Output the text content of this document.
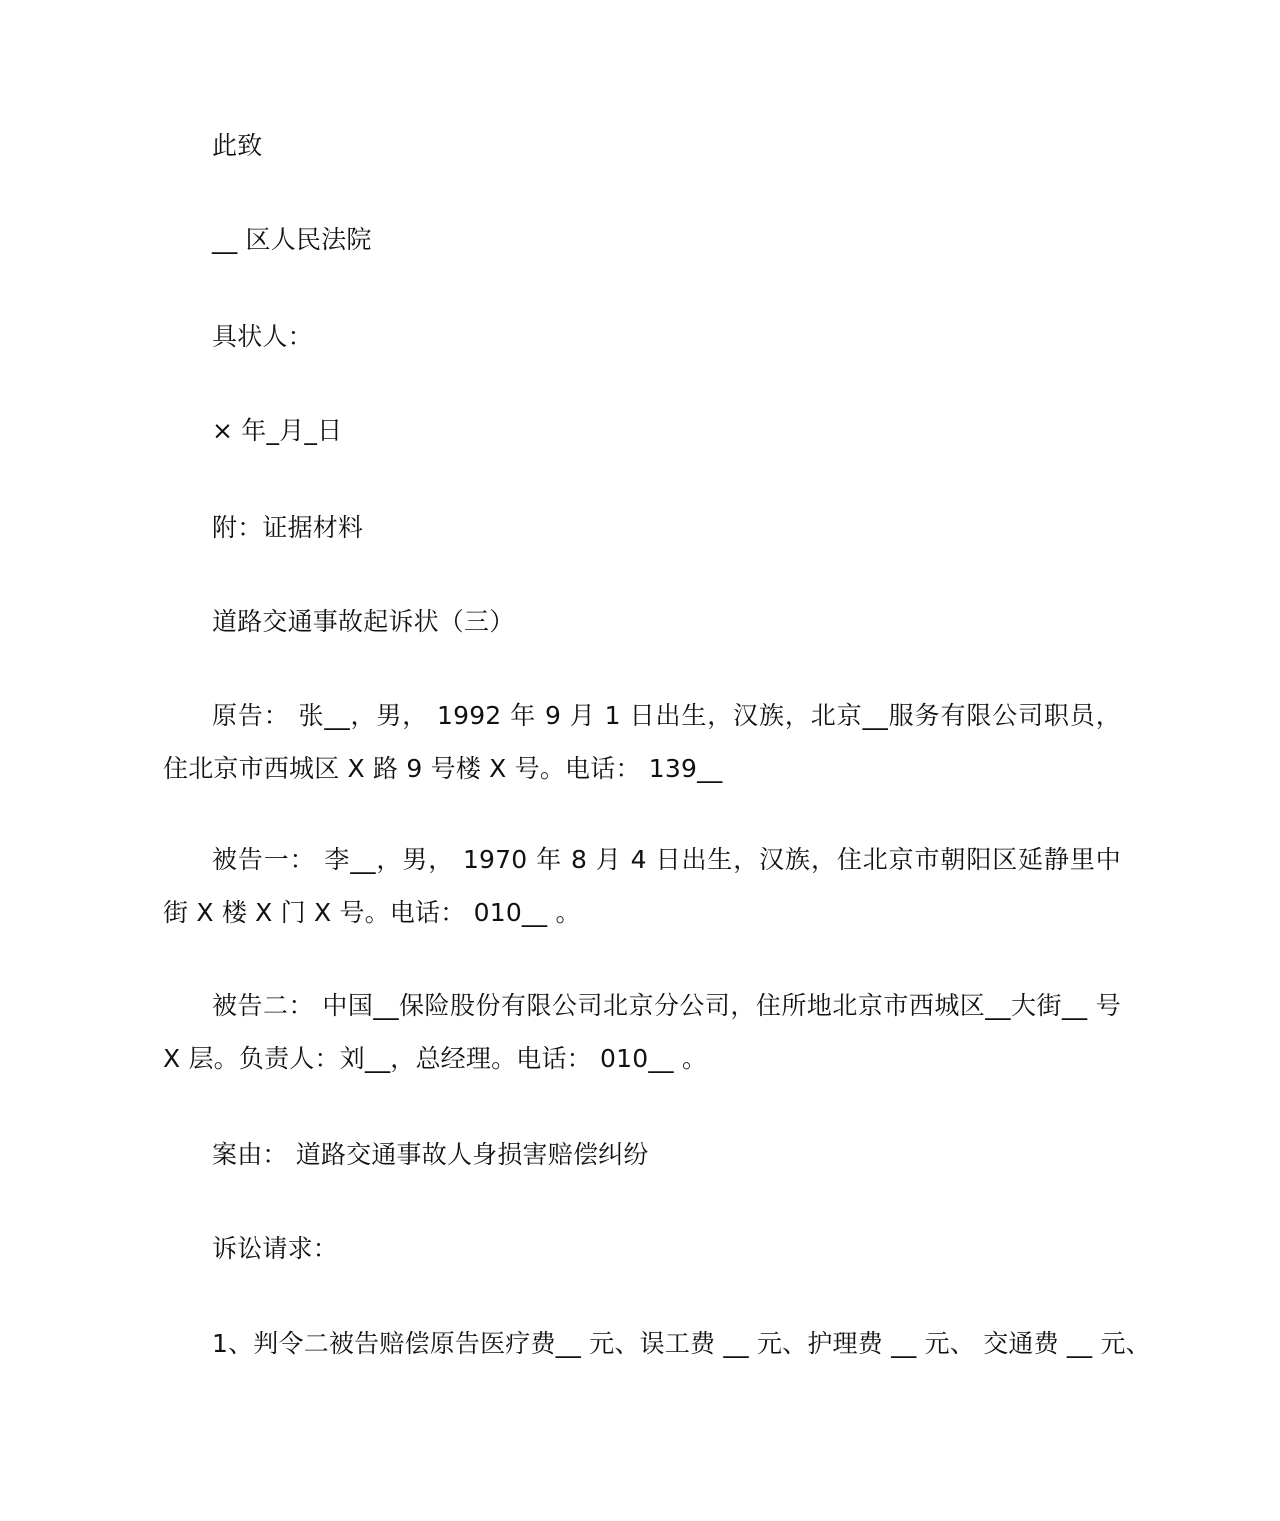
此致

__ 区人民法院

具状人：

× 年_月_日

附：证据材料

道路交通事故起诉状（三）

原告： 张__，男， 1992 年 9 月 1 日出生，汉族，北京__服务有限公司职员，住北京市西城区 X 路 9 号楼 X 号。电话： 139__

被告一： 李__，男， 1970 年 8 月 4 日出生，汉族，住北京市朝阳区延静里中街 X 楼 X 门 X 号。电话： 010__ 。

被告二： 中国__保险股份有限公司北京分公司，住所地北京市西城区__大街__ 号 X 层。负责人：刘__，总经理。电话： 010__ 。

案由： 道路交通事故人身损害赔偿纠纷

诉讼请求：

1、判令二被告赔偿原告医疗费__ 元、误工费 __ 元、护理费 __ 元、 交通费 __ 元、
